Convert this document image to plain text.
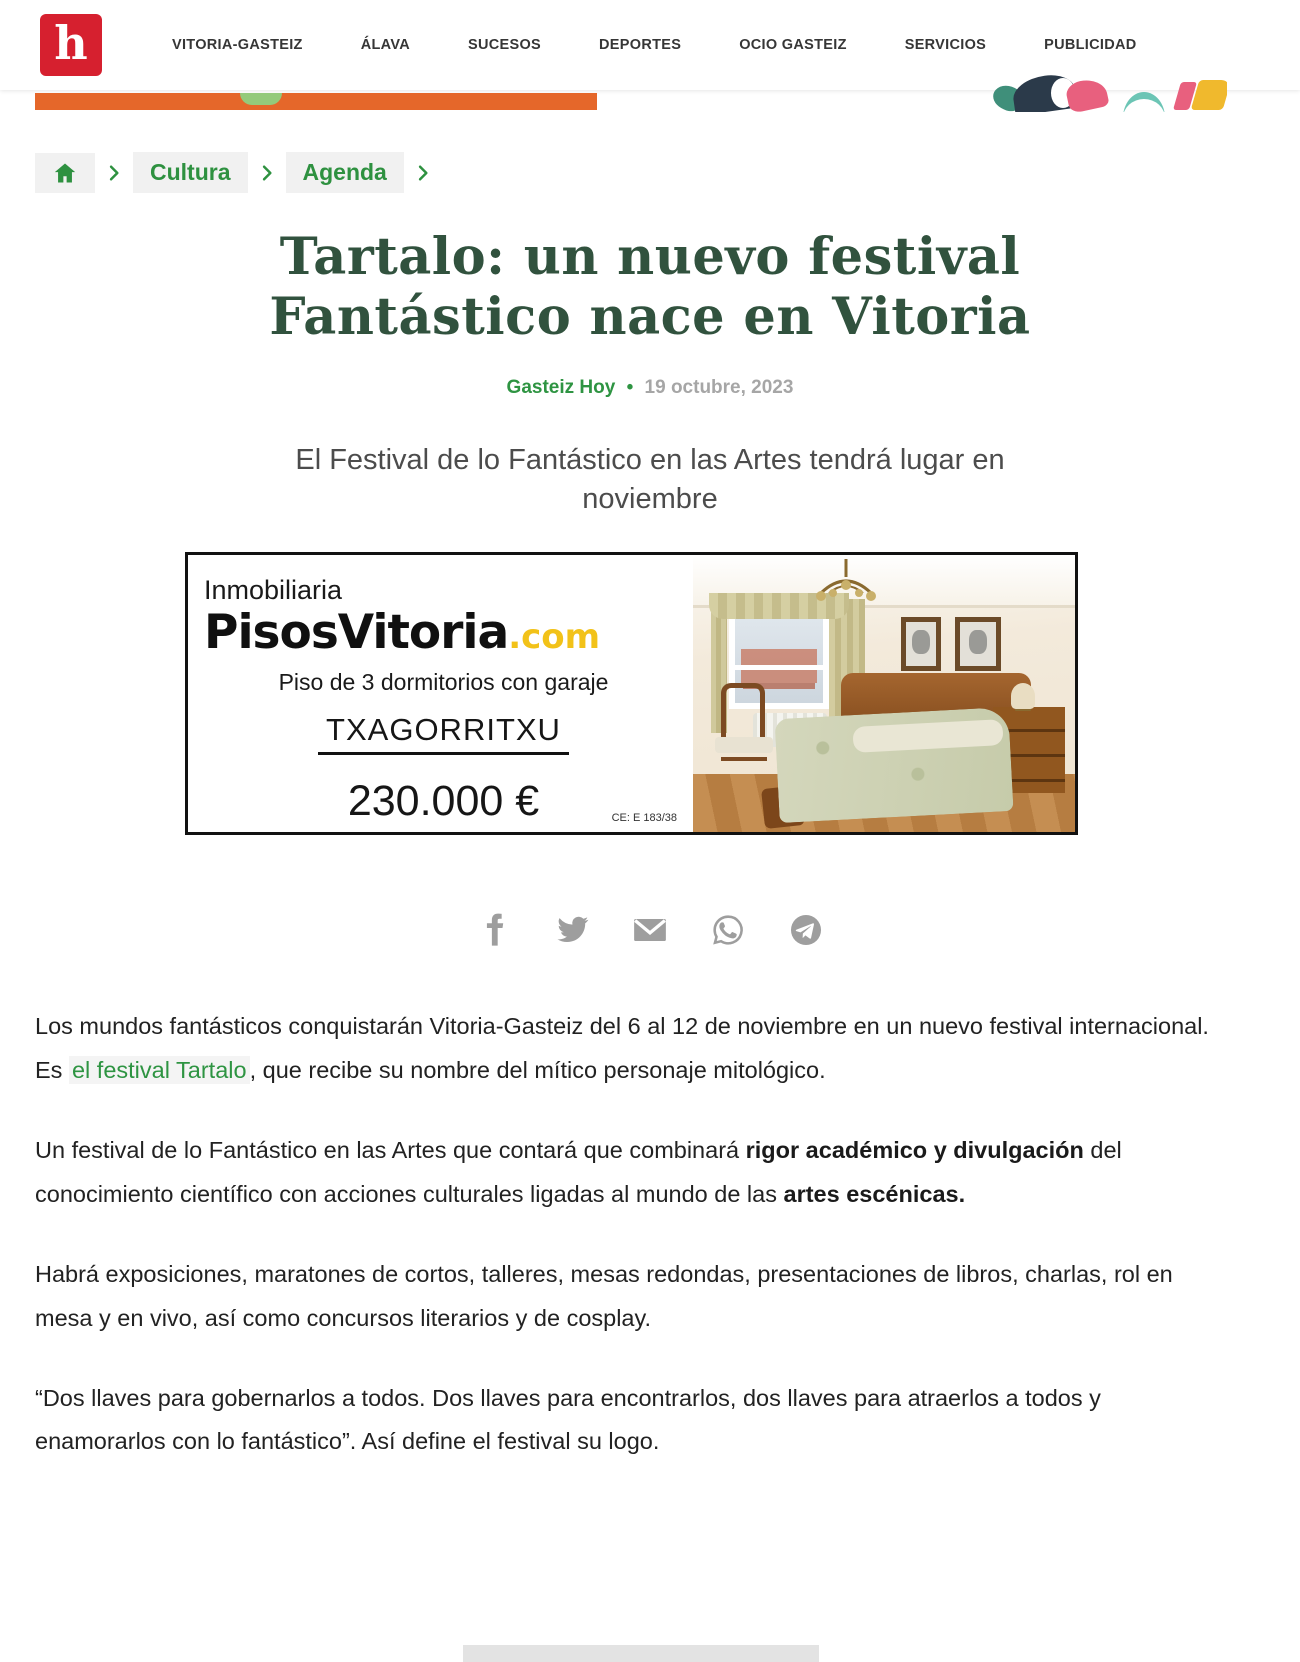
h	VITORIA-GASTEIZ	ÁLAVA	SUCESOS	DEPORTES	OCIO GASTEIZ	SERVICIOS	PUBLICIDAD
Cultura	Agenda
Tartalo: un nuevo festival
Fantástico nace en Vitoria
Gasteiz Hoy • 19 octubre, 2023
El Festival de lo Fantástico en las Artes tendrá lugar en noviembre
Inmobiliaria
PisosVitoria.com
Piso de 3 dormitorios con garaje
TXAGORRITXU
230.000 €	CE: E 183/38

Los mundos fantásticos conquistarán Vitoria-Gasteiz del 6 al 12 de noviembre en un nuevo festival internacional. Es el festival Tartalo , que recibe su nombre del mítico personaje mitológico.

Un festival de lo Fantástico en las Artes que contará que combinará rigor académico y divulgación del conocimiento científico con acciones culturales ligadas al mundo de las artes escénicas.

Habrá exposiciones, maratones de cortos, talleres, mesas redondas, presentaciones de libros, charlas, rol en mesa y en vivo, así como concursos literarios y de cosplay.

“Dos llaves para gobernarlos a todos. Dos llaves para encontrarlos, dos llaves para atraerlos a todos y enamorarlos con lo fantástico”. Así define el festival su logo.
